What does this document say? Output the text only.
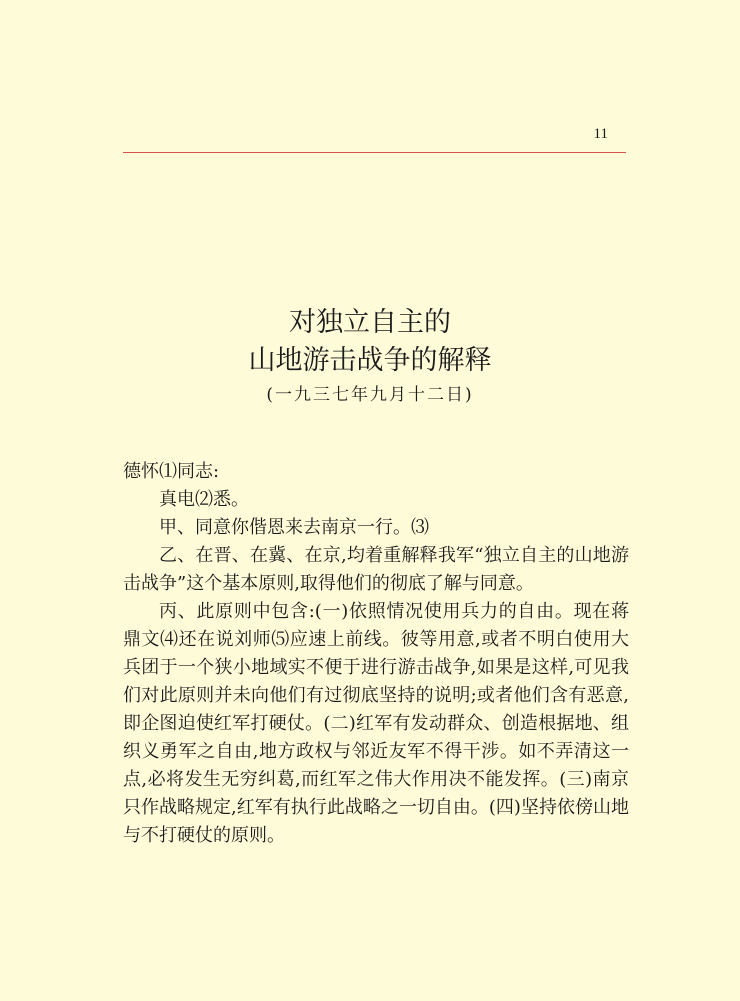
11
对独立自主的
山地游击战争的解释
(一九三七年九月十二日)

德怀⑴同志:

真电⑵悉。

甲、同意你偕恩来去南京一行。⑶

乙、在晋、在冀、在京,均着重解释我军“独立自主的山地游击战争”这个基本原则,取得他们的彻底了解与同意。

丙、此原则中包含:(一)依照情况使用兵力的自由。现在蒋鼎文⑷还在说刘师⑸应速上前线。彼等用意,或者不明白使用大兵团于一个狭小地域实不便于进行游击战争,如果是这样,可见我们对此原则并未向他们有过彻底坚持的说明;或者他们含有恶意,即企图迫使红军打硬仗。(二)红军有发动群众、创造根据地、组织义勇军之自由,地方政权与邻近友军不得干涉。如不弄清这一点,必将发生无穷纠葛,而红军之伟大作用决不能发挥。(三)南京只作战略规定,红军有执行此战略之一切自由。(四)坚持依傍山地与不打硬仗的原则。
